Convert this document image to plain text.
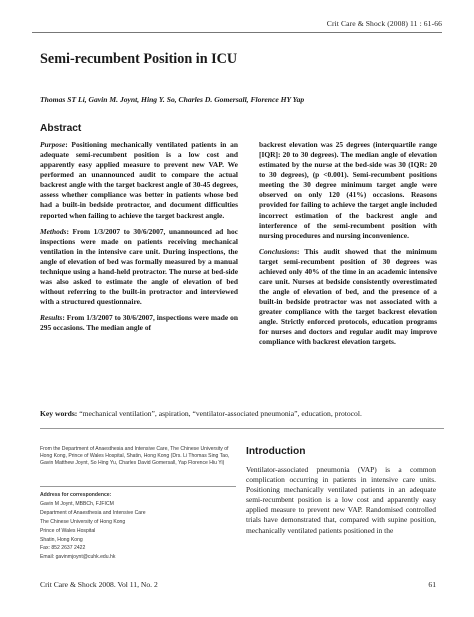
Crit Care & Shock (2008) 11 : 61-66
Semi-recumbent Position in ICU
Thomas ST Li, Gavin M. Joynt, Hing Y. So, Charles D. Gomersall, Florence HY Yap
Abstract

Purpose: Positioning mechanically ventilated patients in an adequate semi-recumbent position is a low cost and apparently easy applied measure to prevent new VAP. We performed an unannounced audit to compare the actual backrest angle with the target backrest angle of 30-45 degrees, assess whether compliance was better in patients whose bed had a built-in bedside protractor, and document difficulties reported when failing to achieve the target backrest angle.

Methods: From 1/3/2007 to 30/6/2007, unannounced ad hoc inspections were made on patients receiving mechanical ventilation in the intensive care unit. During inspections, the angle of elevation of bed was formally measured by a manual technique using a hand-held protractor. The nurse at bed-side was also asked to estimate the angle of elevation of bed without referring to the built-in protractor and interviewed with a structured questionnaire.

Results: From 1/3/2007 to 30/6/2007, inspections were made on 295 occasions. The median angle of

backrest elevation was 25 degrees (interquartile range [IQR]: 20 to 30 degrees). The median angle of elevation estimated by the nurse at the bed-side was 30 (IQR: 20 to 30 degrees), (p <0.001). Semi-recumbent positions meeting the 30 degree minimum target angle were observed on only 120 (41%) occasions. Reasons provided for failing to achieve the target angle included incorrect estimation of the backrest angle and interference of the semi-recumbent position with nursing procedures and nursing inconvenience.

Conclusions: This audit showed that the minimum target semi-recumbent position of 30 degrees was achieved only 40% of the time in an academic intensive care unit. Nurses at bedside consistently overestimated the angle of elevation of bed, and the presence of a built-in bedside protractor was not associated with a greater compliance with the target backrest elevation angle. Strictly enforced protocols, education programs for nurses and doctors and regular audit may improve compliance with backrest elevation targets.

Key words: “mechanical ventilation”, aspiration, “ventilator-associated pneumonia”, education, protocol.
From the Department of Anaesthesia and Intensive Care, The Chinese University of Hong Kong, Prince of Wales Hospital, Shatin, Hong Kong (Drs. Li Thomas Sing Tao, Gavin Matthew Joynt, So Hing Yu, Charles David Gomersall, Yap Florence Hiu Yi)
Address for correspondence:
Gavin M Joynt, MBBCh, FJFICM
Department of Anaesthesia and Intensive Care
The Chinese University of Hong Kong
Prince of Wales Hospital
Shatin, Hong Kong
Fax: 852 2637 2422
Email: gavinmjoynt@cuhk.edu.hk
Introduction
Ventilator-associated pneumonia (VAP) is a common complication occurring in patients in intensive care units. Positioning mechanically ventilated patients in an adequate semi-recumbent position is a low cost and apparently easy applied measure to prevent new VAP. Randomised controlled trials have demonstrated that, compared with supine position, mechanically ventilated patients positioned in the
Crit Care & Shock 2008. Vol 11, No. 2	61
